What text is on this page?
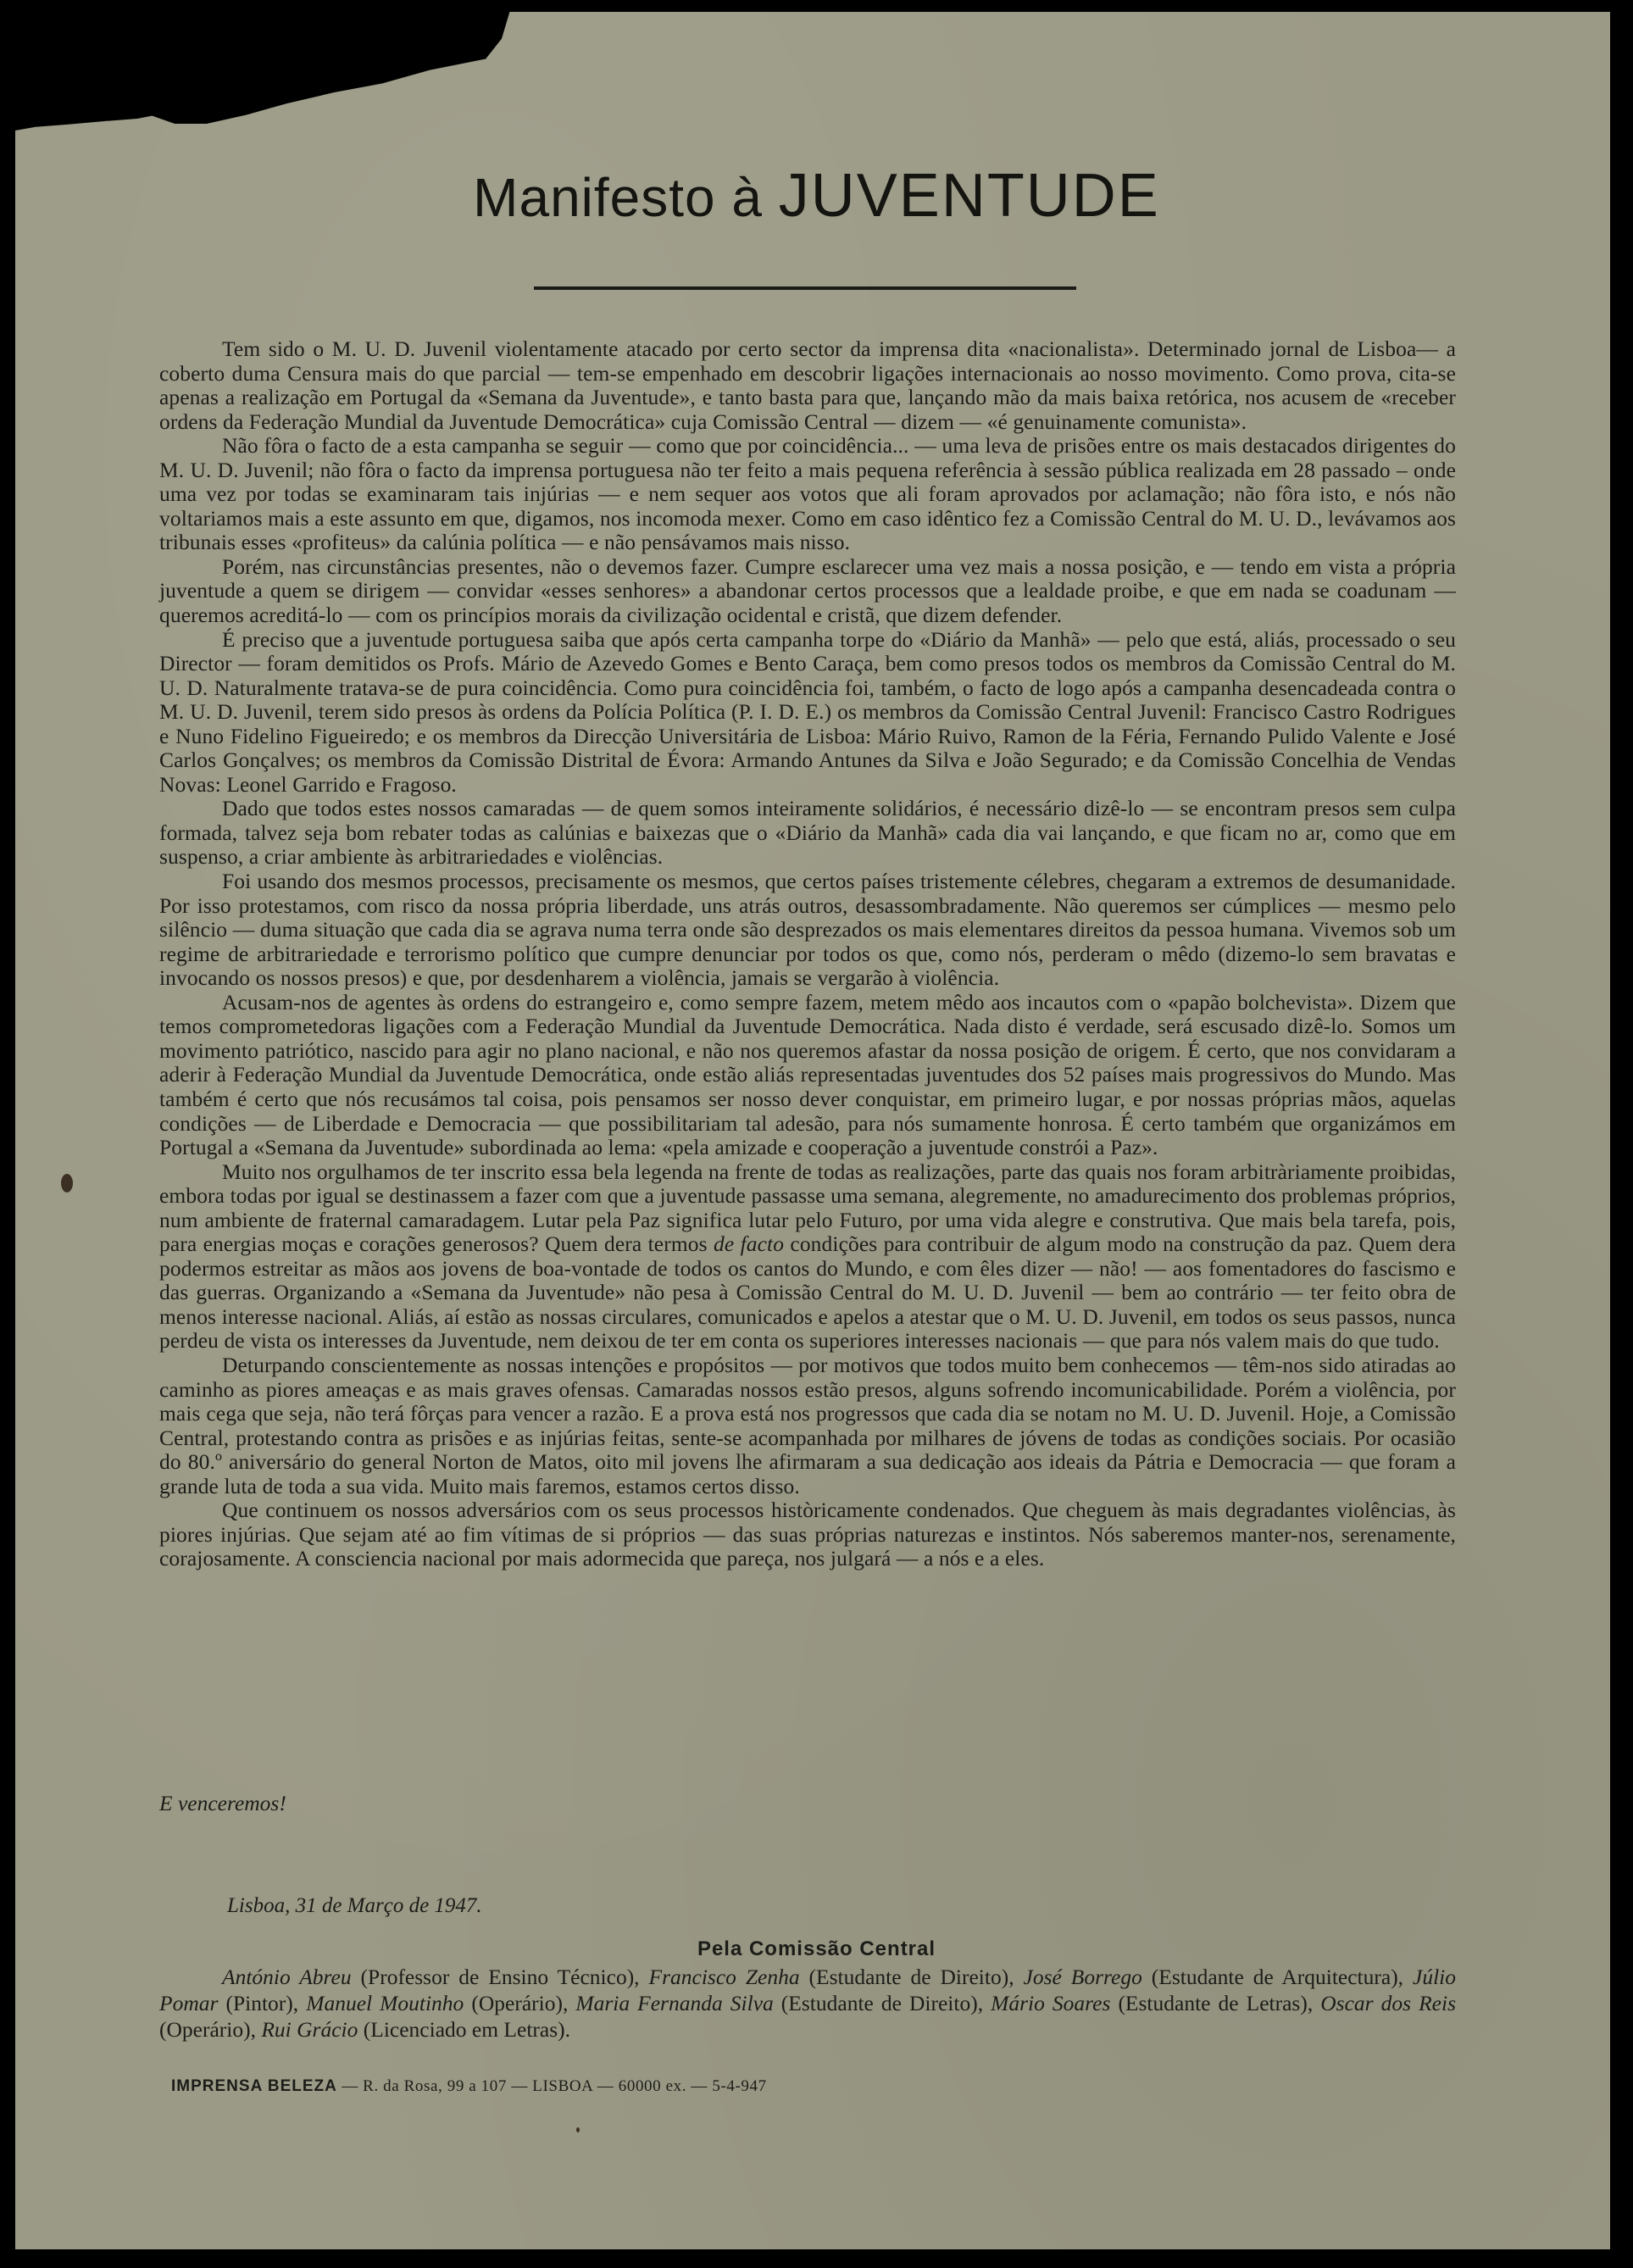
Manifesto à JUVENTUDE

Tem sido o M. U. D. Juvenil violentamente atacado por certo sector da imprensa dita «nacionalista». Determinado jornal de Lisboa— a coberto duma Censura mais do que parcial — tem-se empenhado em descobrir ligações internacionais ao nosso movimento. Como prova, cita-se apenas a realização em Portugal da «Semana da Juventude», e tanto basta para que, lançando mão da mais baixa retórica, nos acusem de «receber ordens da Federação Mundial da Juventude Democrática» cuja Comissão Central — dizem — «é genuinamente comunista».

Não fôra o facto de a esta campanha se seguir — como que por coincidência... — uma leva de prisões entre os mais destacados dirigentes do M. U. D. Juvenil; não fôra o facto da imprensa portuguesa não ter feito a mais pequena referência à sessão pública realizada em 28 passado – onde uma vez por todas se examinaram tais injúrias — e nem sequer aos votos que ali foram aprovados por aclamação; não fôra isto, e nós não voltariamos mais a este assunto em que, digamos, nos incomoda mexer. Como em caso idêntico fez a Comissão Central do M. U. D., levávamos aos tribunais esses «profiteus» da calúnia política — e não pensávamos mais nisso.

Porém, nas circunstâncias presentes, não o devemos fazer. Cumpre esclarecer uma vez mais a nossa posição, e — tendo em vista a própria juventude a quem se dirigem — convidar «esses senhores» a abandonar certos processos que a lealdade proibe, e que em nada se coadunam — queremos acreditá-lo — com os princípios morais da civilização ocidental e cristã, que dizem defender.

É preciso que a juventude portuguesa saiba que após certa campanha torpe do «Diário da Manhã» — pelo que está, aliás, processado o seu Director — foram demitidos os Profs. Mário de Azevedo Gomes e Bento Caraça, bem como presos todos os membros da Comissão Central do M. U. D. Naturalmente tratava-se de pura coincidência. Como pura coincidência foi, também, o facto de logo após a campanha desencadeada contra o M. U. D. Juvenil, terem sido presos às ordens da Polícia Política (P. I. D. E.) os membros da Comissão Central Juvenil: Francisco Castro Rodrigues e Nuno Fidelino Figueiredo; e os membros da Direcção Universitária de Lisboa: Mário Ruivo, Ramon de la Féria, Fernando Pulido Valente e José Carlos Gonçalves; os membros da Comissão Distrital de Évora: Armando Antunes da Silva e João Segurado; e da Comissão Concelhia de Vendas Novas: Leonel Garrido e Fragoso.

Dado que todos estes nossos camaradas — de quem somos inteiramente solidários, é necessário dizê-lo — se encontram presos sem culpa formada, talvez seja bom rebater todas as calúnias e baixezas que o «Diário da Manhã» cada dia vai lançando, e que ficam no ar, como que em suspenso, a criar ambiente às arbitrariedades e violências.

Foi usando dos mesmos processos, precisamente os mesmos, que certos países tristemente célebres, chegaram a extremos de desumanidade. Por isso protestamos, com risco da nossa própria liberdade, uns atrás outros, desassombradamente. Não queremos ser cúmplices — mesmo pelo silêncio — duma situação que cada dia se agrava numa terra onde são desprezados os mais elementares direitos da pessoa humana. Vivemos sob um regime de arbitrariedade e terrorismo político que cumpre denunciar por todos os que, como nós, perderam o mêdo (dizemo-lo sem bravatas e invocando os nossos presos) e que, por desdenharem a violência, jamais se vergarão à violência.

Acusam-nos de agentes às ordens do estrangeiro e, como sempre fazem, metem mêdo aos incautos com o «papão bolchevista». Dizem que temos comprometedoras ligações com a Federação Mundial da Juventude Democrática. Nada disto é verdade, será escusado dizê-lo. Somos um movimento patriótico, nascido para agir no plano nacional, e não nos queremos afastar da nossa posição de origem. É certo, que nos convidaram a aderir à Federação Mundial da Juventude Democrática, onde estão aliás representadas juventudes dos 52 países mais progressivos do Mundo. Mas também é certo que nós recusámos tal coisa, pois pensamos ser nosso dever conquistar, em primeiro lugar, e por nossas próprias mãos, aquelas condições — de Liberdade e Democracia — que possibilitariam tal adesão, para nós sumamente honrosa. É certo também que organizámos em Portugal a «Semana da Juventude» subordinada ao lema: «pela amizade e cooperação a juventude constrói a Paz».

Muito nos orgulhamos de ter inscrito essa bela legenda na frente de todas as realizações, parte das quais nos foram arbitràriamente proibidas, embora todas por igual se destinassem a fazer com que a juventude passasse uma semana, alegremente, no amadurecimento dos problemas próprios, num ambiente de fraternal camaradagem. Lutar pela Paz significa lutar pelo Futuro, por uma vida alegre e construtiva. Que mais bela tarefa, pois, para energias moças e corações generosos? Quem dera termos de facto condições para contribuir de algum modo na construção da paz. Quem dera podermos estreitar as mãos aos jovens de boa-vontade de todos os cantos do Mundo, e com êles dizer — não! — aos fomentadores do fascismo e das guerras. Organizando a «Semana da Juventude» não pesa à Comissão Central do M. U. D. Juvenil — bem ao contrário — ter feito obra de menos interesse nacional. Aliás, aí estão as nossas circulares, comunicados e apelos a atestar que o M. U. D. Juvenil, em todos os seus passos, nunca perdeu de vista os interesses da Juventude, nem deixou de ter em conta os superiores interesses nacionais — que para nós valem mais do que tudo.

Deturpando conscientemente as nossas intenções e propósitos — por motivos que todos muito bem conhecemos — têm-nos sido atiradas ao caminho as piores ameaças e as mais graves ofensas. Camaradas nossos estão presos, alguns sofrendo incomunicabilidade. Porém a violência, por mais cega que seja, não terá fôrças para vencer a razão. E a prova está nos progressos que cada dia se notam no M. U. D. Juvenil. Hoje, a Comissão Central, protestando contra as prisões e as injúrias feitas, sente-se acompanhada por milhares de jóvens de todas as condições sociais. Por ocasião do 80.º aniversário do general Norton de Matos, oito mil jovens lhe afirmaram a sua dedicação aos ideais da Pátria e Democracia — que foram a grande luta de toda a sua vida. Muito mais faremos, estamos certos disso.

Que continuem os nossos adversários com os seus processos històricamente condenados. Que cheguem às mais degradantes violências, às piores injúrias. Que sejam até ao fim vítimas de si próprios — das suas próprias naturezas e instintos. Nós saberemos manter-nos, serenamente, corajosamente. A consciencia nacional por mais adormecida que pareça, nos julgará — a nós e a eles.

E venceremos!
Lisboa, 31 de Março de 1947.
Pela Comissão Central
António Abreu (Professor de Ensino Técnico), Francisco Zenha (Estudante de Direito), José Borrego (Estudante de Arquitectura), Júlio Pomar (Pintor), Manuel Moutinho (Operário), Maria Fernanda Silva (Estudante de Direito), Mário Soares (Estudante de Letras), Oscar dos Reis (Operário), Rui Grácio (Licenciado em Letras).
IMPRENSA BELEZA — R. da Rosa, 99 a 107 — LISBOA — 60000 ex. — 5-4-947
